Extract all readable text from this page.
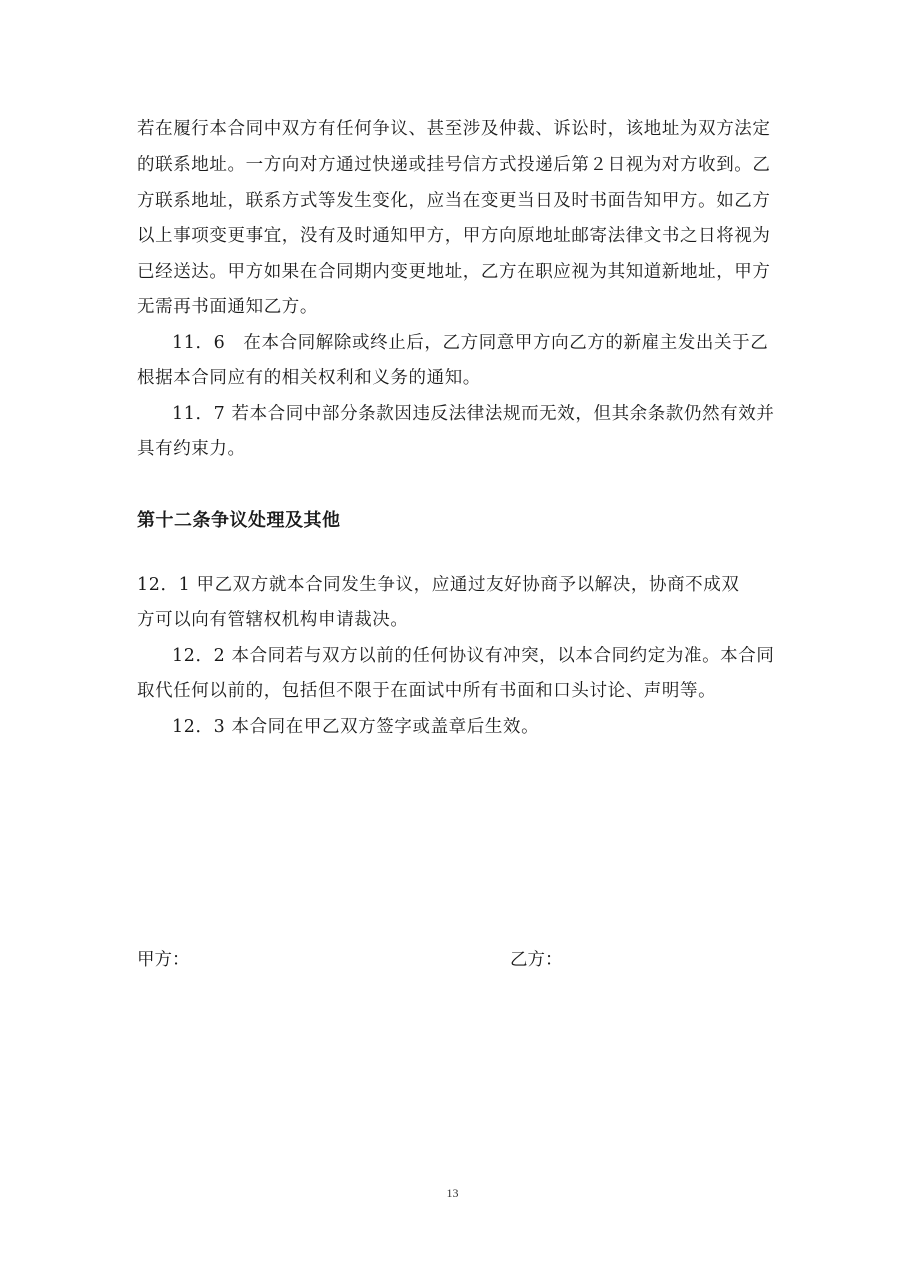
若在履行本合同中双方有任何争议、甚至涉及仲裁、诉讼时，该地址为双方法定
的联系地址。一方向对方通过快递或挂号信方式投递后第２日视为对方收到。乙
方联系地址，联系方式等发生变化，应当在变更当日及时书面告知甲方。如乙方
以上事项变更事宜，没有及时通知甲方，甲方向原地址邮寄法律文书之日将视为
已经送达。甲方如果在合同期内变更地址，乙方在职应视为其知道新地址，甲方
无需再书面通知乙方。
11．6　在本合同解除或终止后，乙方同意甲方向乙方的新雇主发出关于乙
根据本合同应有的相关权利和义务的通知。
11．7 若本合同中部分条款因违反法律法规而无效，但其余条款仍然有效并
具有约束力。
第十二条争议处理及其他
12．1 甲乙双方就本合同发生争议，应通过友好协商予以解决，协商不成双
方可以向有管辖权机构申请裁决。
12．2 本合同若与双方以前的任何协议有冲突，以本合同约定为准。本合同
取代任何以前的，包括但不限于在面试中所有书面和口头讨论、声明等。
12．3 本合同在甲乙双方签字或盖章后生效。
甲方：	乙方：
13
